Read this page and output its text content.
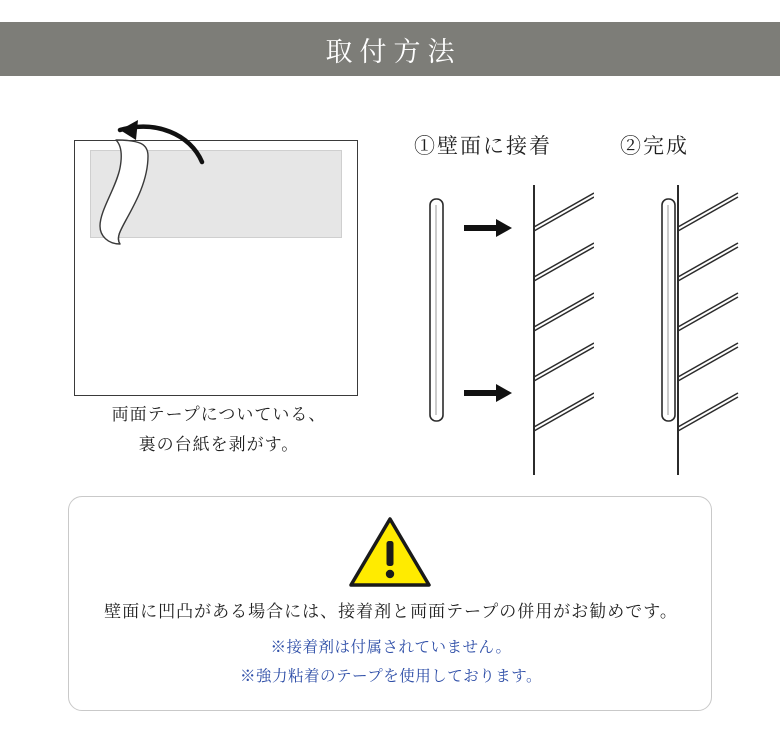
取付方法
両面テープについている、
裏の台紙を剥がす。
①壁面に接着	②完成
壁面に凹凸がある場合には、接着剤と両面テープの併用がお勧めです。
※接着剤は付属されていません。
※強力粘着のテープを使用しております。
